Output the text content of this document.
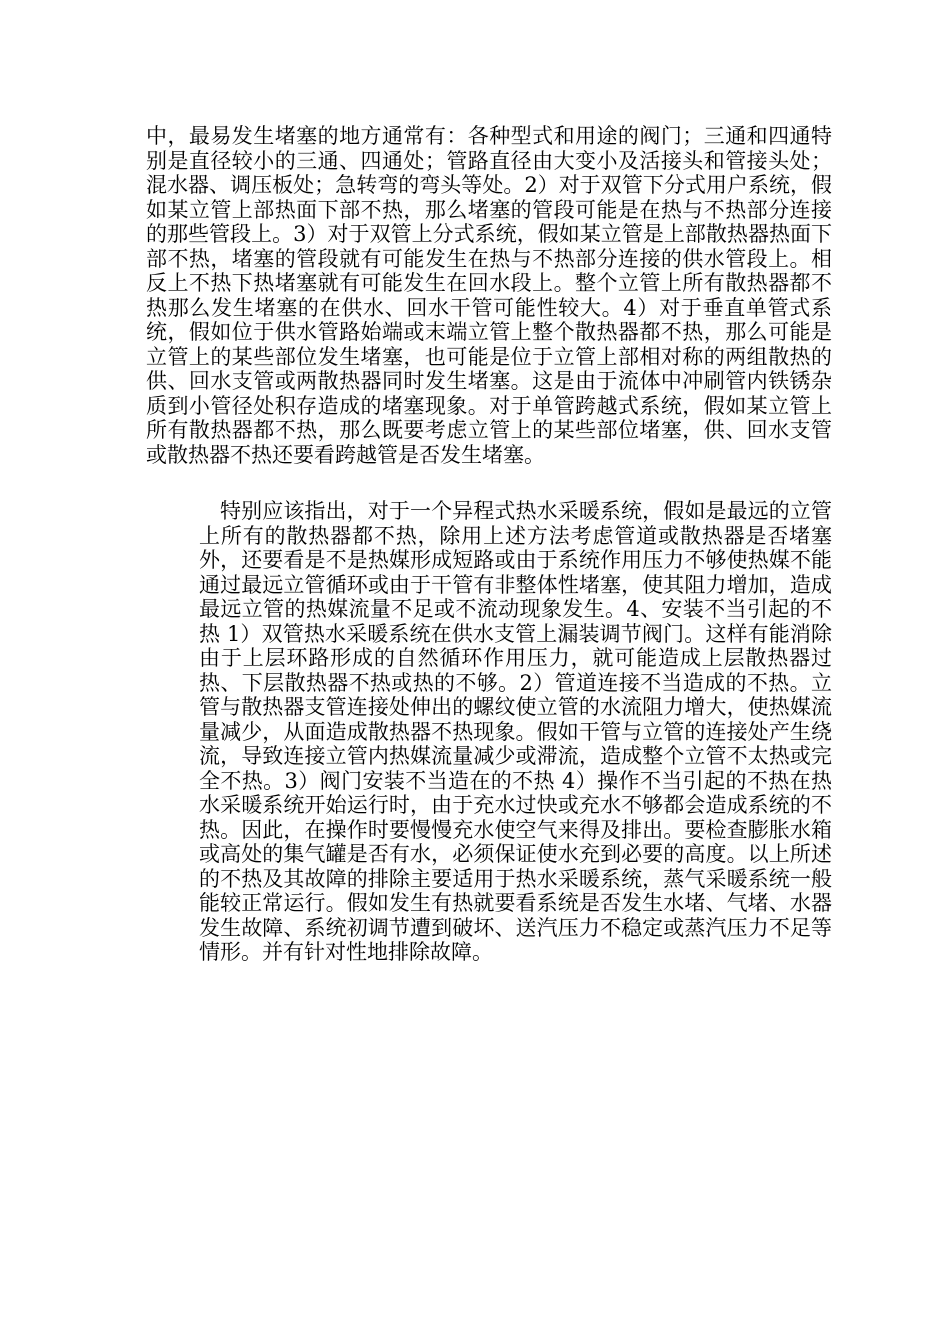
中，最易发生堵塞的地方通常有：各种型式和用途的阀门；三通和四通特别是直径较小的三通、四通处；管路直径由大变小及活接头和管接头处；混水器、调压板处；急转弯的弯头等处。2）对于双管下分式用户系统，假如某立管上部热面下部不热，那么堵塞的管段可能是在热与不热部分连接的那些管段上。3）对于双管上分式系统，假如某立管是上部散热器热面下部不热，堵塞的管段就有可能发生在热与不热部分连接的供水管段上。相反上不热下热堵塞就有可能发生在回水段上。整个立管上所有散热器都不热那么发生堵塞的在供水、回水干管可能性较大。4）对于垂直单管式系统，假如位于供水管路始端或末端立管上整个散热器都不热，那么可能是立管上的某些部位发生堵塞，也可能是位于立管上部相对称的两组散热的供、回水支管或两散热器同时发生堵塞。这是由于流体中冲刷管内铁锈杂质到小管径处积存造成的堵塞现象。对于单管跨越式系统，假如某立管上所有散热器都不热，那么既要考虑立管上的某些部位堵塞，供、回水支管或散热器不热还要看跨越管是否发生堵塞。

特别应该指出，对于一个异程式热水采暖系统，假如是最远的立管上所有的散热器都不热，除用上述方法考虑管道或散热器是否堵塞外，还要看是不是热媒形成短路或由于系统作用压力不够使热媒不能通过最远立管循环或由于干管有非整体性堵塞，使其阻力增加，造成最远立管的热媒流量不足或不流动现象发生。4、安装不当引起的不热 1）双管热水采暖系统在供水支管上漏装调节阀门。这样有能消除由于上层环路形成的自然循环作用压力，就可能造成上层散热器过热、下层散热器不热或热的不够。2）管道连接不当造成的不热。立管与散热器支管连接处伸出的螺纹使立管的水流阻力增大，使热媒流量减少，从面造成散热器不热现象。假如干管与立管的连接处产生绕流，导致连接立管内热媒流量减少或滞流，造成整个立管不太热或完全不热。3）阀门安装不当造在的不热 4）操作不当引起的不热在热水采暖系统开始运行时，由于充水过快或充水不够都会造成系统的不热。因此，在操作时要慢慢充水使空气来得及排出。要检查膨胀水箱或高处的集气罐是否有水，必须保证使水充到必要的高度。以上所述的不热及其故障的排除主要适用于热水采暖系统，蒸气采暖系统一般能较正常运行。假如发生有热就要看系统是否发生水堵、气堵、水器发生故障、系统初调节遭到破坏、送汽压力不稳定或蒸汽压力不足等情形。并有针对性地排除故障。
